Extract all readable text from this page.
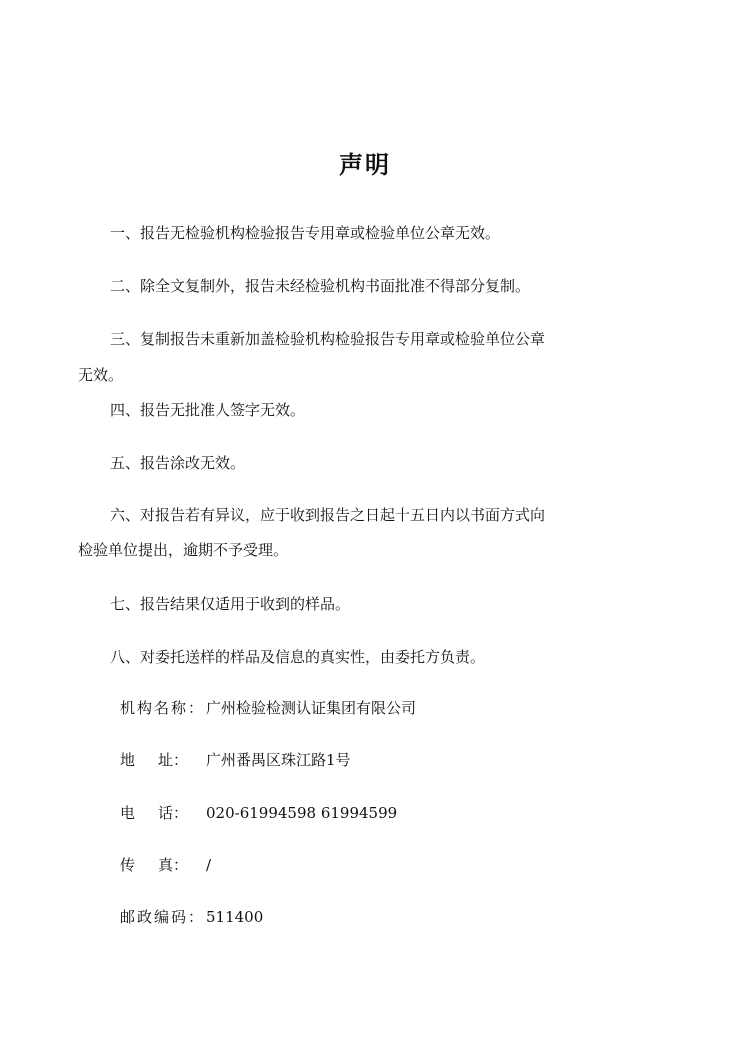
声明
一、报告无检验机构检验报告专用章或检验单位公章无效。
二、除全文复制外，报告未经检验机构书面批准不得部分复制。
三、复制报告未重新加盖检验机构检验报告专用章或检验单位公章
无效。
四、报告无批准人签字无效。
五、报告涂改无效。
六、对报告若有异议，应于收到报告之日起十五日内以书面方式向
检验单位提出，逾期不予受理。
七、报告结果仅适用于收到的样品。
八、对委托送样的样品及信息的真实性，由委托方负责。
机构名称：广州检验检测认证集团有限公司
地 址： 广州番禺区珠江路1号
电 话： 020-61994598 61994599
传 真： /
邮政编码：511400
